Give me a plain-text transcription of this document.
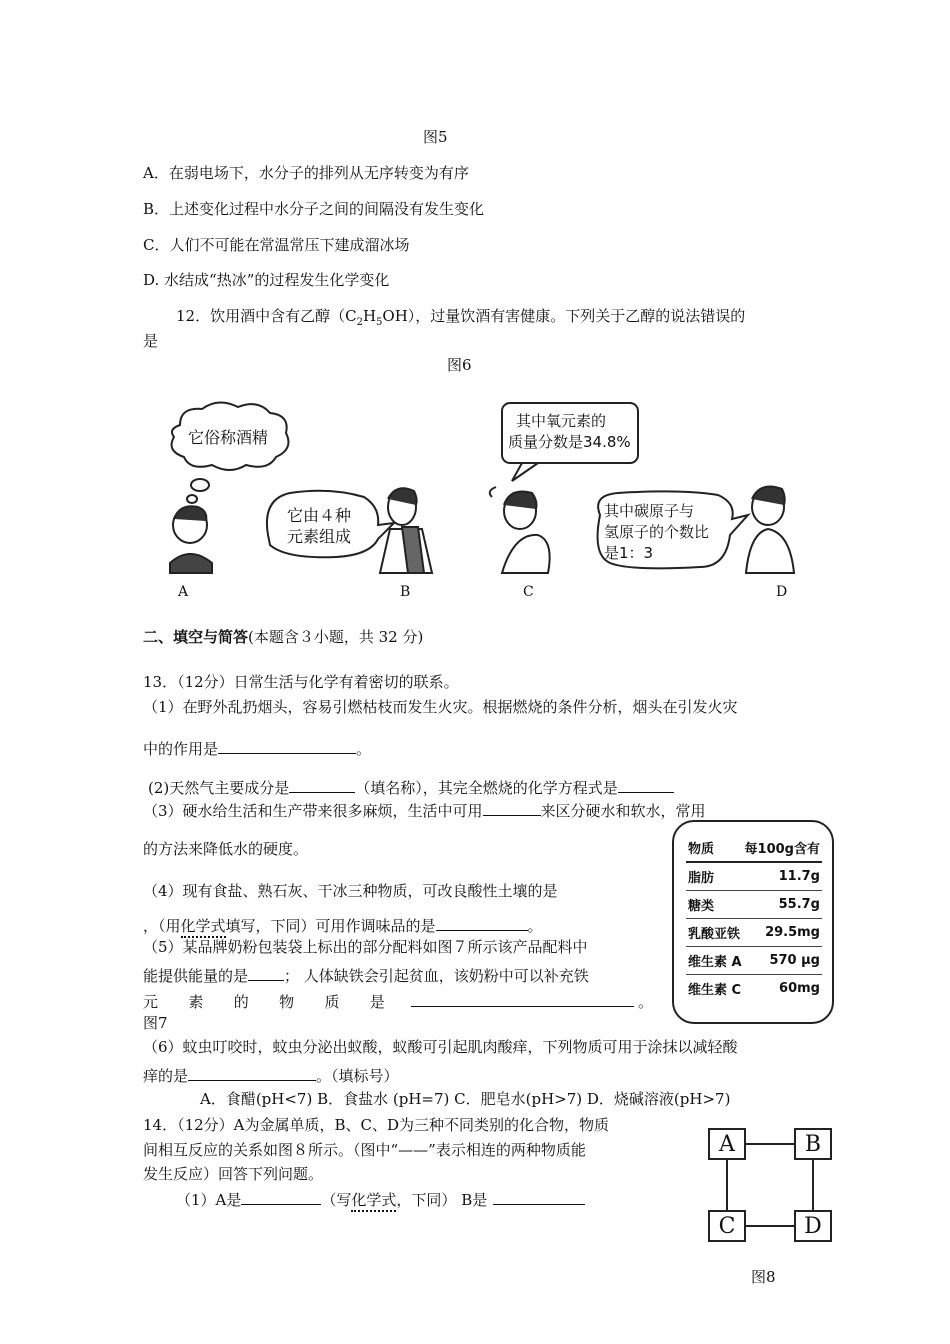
图5
A．在弱电场下，水分子的排列从无序转变为有序
B．上述变化过程中水分子之间的间隔没有发生变化
C．人们不可能在常温常压下建成溜冰场
D. 水结成“热冰”的过程发生化学变化
12．饮用酒中含有乙醇$(C_2H_5OH)$，过量饮酒有害健康。下列关于乙醇的说法错误的
是
图6
它俗称酒精
它由４种
元素组成
其中氧元素的
质量分数是34.8%
其中碳原子与
氢原子的个数比
是1：3
A	B	C	D
二、填空与简答(本题含３小题，共 32 分)
13．（12分）日常生活与化学有着密切的联系。
（1）在野外乱扔烟头，容易引燃枯枝而发生火灾。根据燃烧的条件分析，烟头在引发火灾
中的作用是	。
(2)天然气主要成分是	（填名称），其完全燃烧的化学方程式是
（3）硬水给生活和生产带来很多麻烦，生活中可用	来区分硬水和软水，常用
的方法来降低水的硬度。
（4）现有食盐、熟石灰、干冰三种物质，可改良酸性土壤的是
，（用化学式填写，下同）可用作调味品的是	。
（5）某品牌奶粉包装袋上标出的部分配料如图７所示该产品配料中
能提供能量的是 ； 人体缺铁会引起贫血，该奶粉中可以补充铁
元	素	的	物	质	是	。
图7
（6）蚊虫叮咬时，蚊虫分泌出蚁酸，蚁酸可引起肌肉酸痒，下列物质可用于涂抹以减轻酸
痒的是	。（填标号）
A．食醋(pH<7) B．食盐水 (pH=7) C．肥皂水(pH>7) D．烧碱溶液(pH>7)
物质 每100g含有
脂肪	11.7g
糖类	55.7g
乳酸亚铁 29.5mg
维生素 A 570 μg
维生素 C	60mg
14．（12分）A为金属单质，B、C、D为三种不同类别的化合物，物质
间相互反应的关系如图８所示。（图中“——”表示相连的两种物质能
发生反应）回答下列问题。
（1）A是	（写化学式，下同） B是
A	B
C	D
图8
